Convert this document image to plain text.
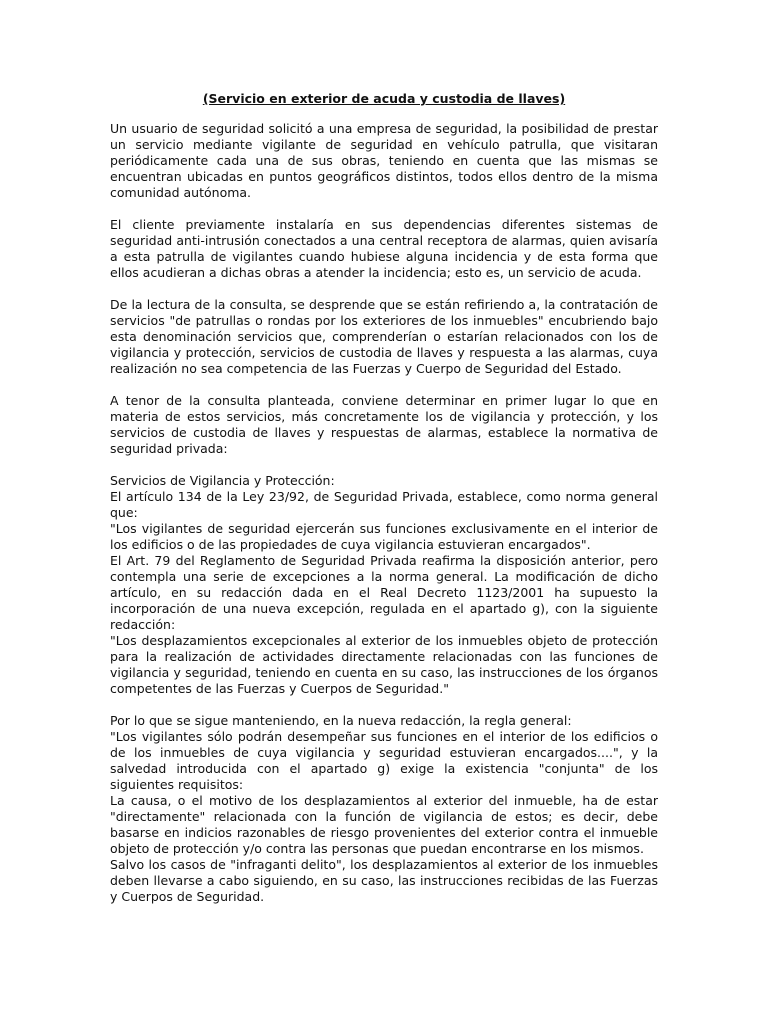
(Servicio en exterior de acuda y custodia de llaves)

Un usuario de seguridad solicitó a una empresa de seguridad, la posibilidad de prestar un servicio mediante vigilante de seguridad en vehículo patrulla, que visitaran periódicamente cada una de sus obras, teniendo en cuenta que las mismas se encuentran ubicadas en puntos geográficos distintos, todos ellos dentro de la misma comunidad autónoma.

El cliente previamente instalaría en sus dependencias diferentes sistemas de seguridad anti-intrusión conectados a una central receptora de alarmas, quien avisaría a esta patrulla de vigilantes cuando hubiese alguna incidencia y de esta forma que ellos acudieran a dichas obras a atender la incidencia; esto es, un servicio de acuda.

De la lectura de la consulta, se desprende que se están refiriendo a, la contratación de servicios "de patrullas o rondas por los exteriores de los inmuebles" encubriendo bajo esta denominación servicios que, comprenderían o estarían relacionados con los de vigilancia y protección, servicios de custodia de llaves y respuesta a las alarmas, cuya realización no sea competencia de las Fuerzas y Cuerpo de Seguridad del Estado.

A tenor de la consulta planteada, conviene determinar en primer lugar lo que en materia de estos servicios, más concretamente los de vigilancia y protección, y los servicios de custodia de llaves y respuestas de alarmas, establece la normativa de seguridad privada:

Servicios de Vigilancia y Protección:

El artículo 134 de la Ley 23/92, de Seguridad Privada, establece, como norma general que:

"Los vigilantes de seguridad ejercerán sus funciones exclusivamente en el interior de los edificios o de las propiedades de cuya vigilancia estuvieran encargados".

El Art. 79 del Reglamento de Seguridad Privada reafirma la disposición anterior, pero contempla una serie de excepciones a la norma general. La modificación de dicho artículo, en su redacción dada en el Real Decreto 1123/2001 ha supuesto la incorporación de una nueva excepción, regulada en el apartado g), con la siguiente redacción:

"Los desplazamientos excepcionales al exterior de los inmuebles objeto de protección para la realización de actividades directamente relacionadas con las funciones de vigilancia y seguridad, teniendo en cuenta en su caso, las instrucciones de los órganos competentes de las Fuerzas y Cuerpos de Seguridad."

Por lo que se sigue manteniendo, en la nueva redacción, la regla general:

"Los vigilantes sólo podrán desempeñar sus funciones en el interior de los edificios o de los inmuebles de cuya vigilancia y seguridad estuvieran encargados....", y la salvedad introducida con el apartado g) exige la existencia "conjunta" de los siguientes requisitos:

La causa, o el motivo de los desplazamientos al exterior del inmueble, ha de estar "directamente" relacionada con la función de vigilancia de estos; es decir, debe basarse en indicios razonables de riesgo provenientes del exterior contra el inmueble objeto de protección y/o contra las personas que puedan encontrarse en los mismos.

Salvo los casos de "infraganti delito", los desplazamientos al exterior de los inmuebles deben llevarse a cabo siguiendo, en su caso, las instrucciones recibidas de las Fuerzas y Cuerpos de Seguridad.
